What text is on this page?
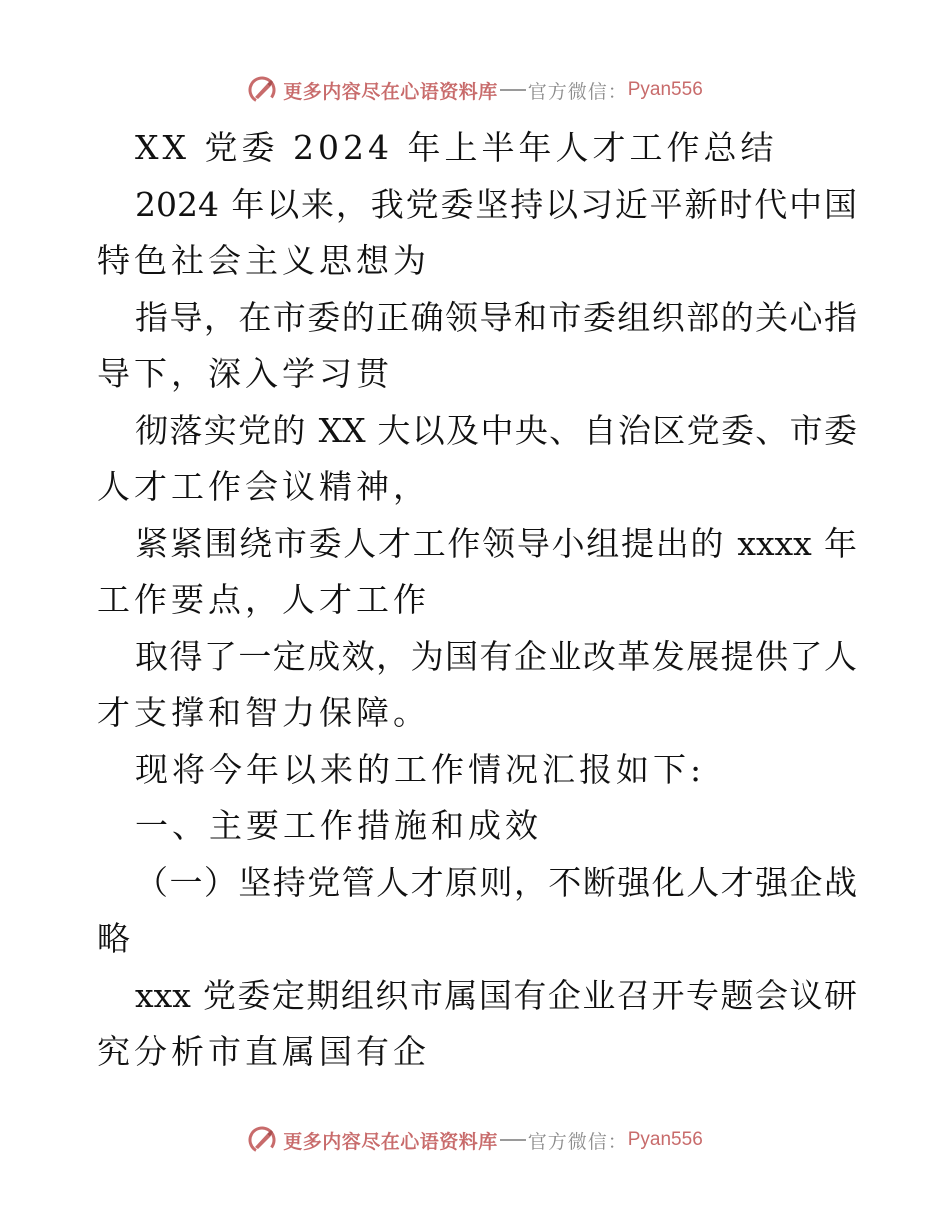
更多内容尽在心语资料库 官方微信： Pyan556
XX 党委 2024 年上半年人才工作总结
2024 年以来，我党委坚持以习近平新时代中国
特色社会主义思想为
指导，在市委的正确领导和市委组织部的关心指
导下，深入学习贯
彻落实党的 XX 大以及中央、自治区党委、市委
人才工作会议精神，
紧紧围绕市委人才工作领导小组提出的 xxxx 年
工作要点，人才工作
取得了一定成效，为国有企业改革发展提供了人
才支撑和智力保障。
现将今年以来的工作情况汇报如下:
一、主要工作措施和成效
（一）坚持党管人才原则，不断强化人才强企战
略
xxx 党委定期组织市属国有企业召开专题会议研
究分析市直属国有企
更多内容尽在心语资料库 官方微信： Pyan556
